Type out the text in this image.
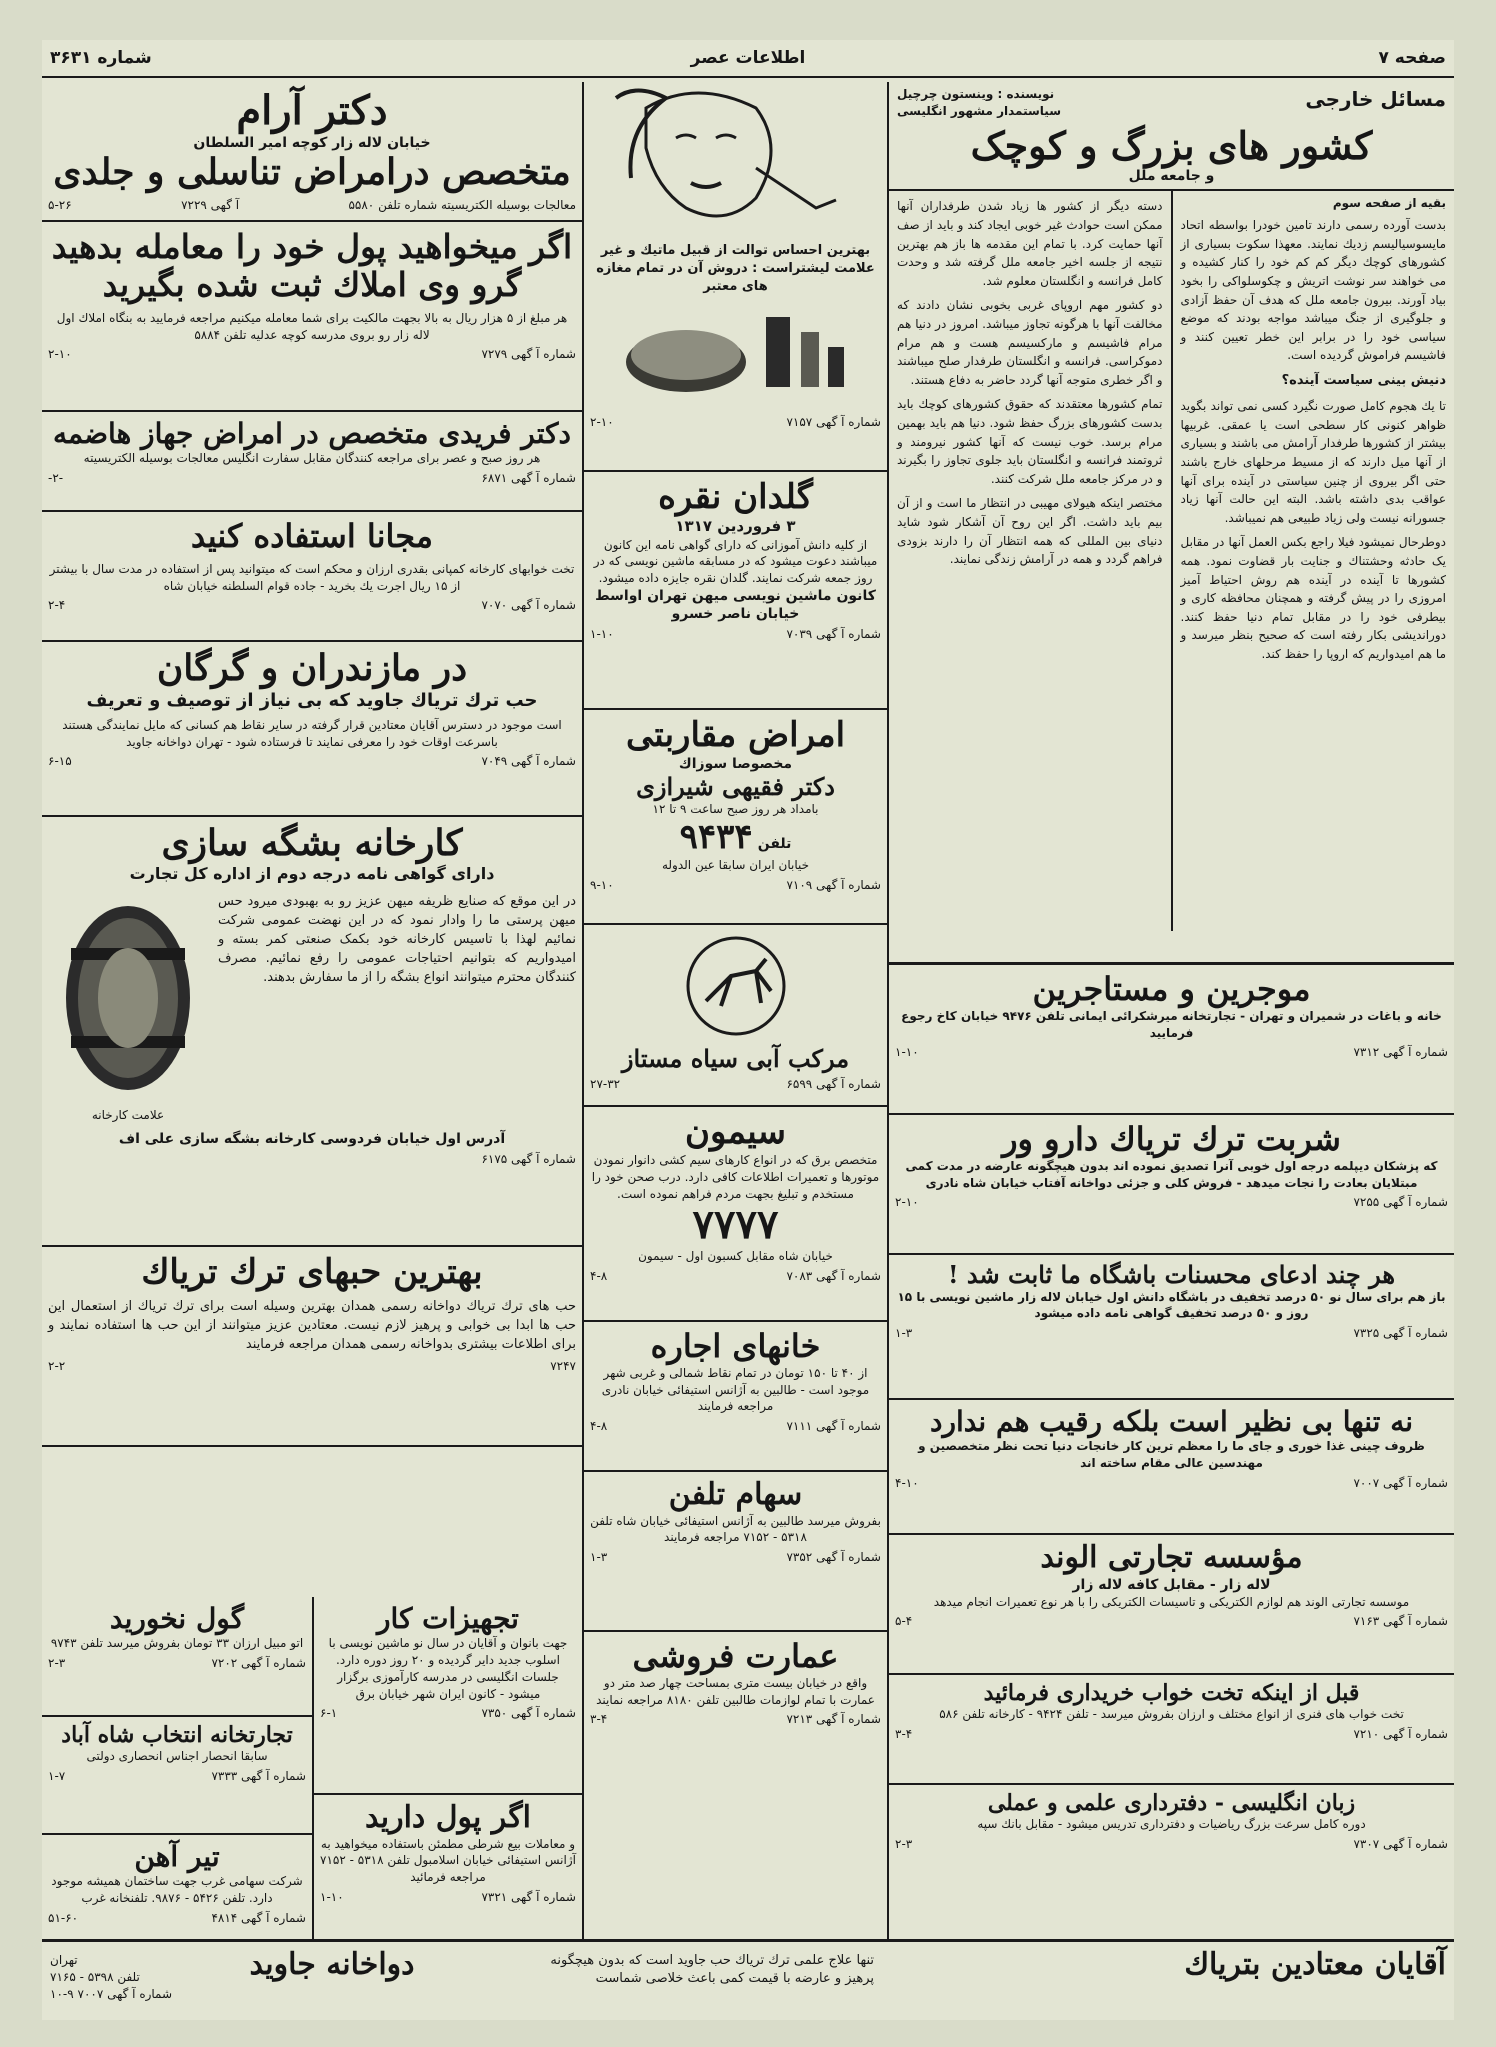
صفحه ۷
اطلاعات عصر
شماره ۳۶۳۱
دکتر آرام
خیابان لاله زار کوچه امیر السلطان
متخصص درامراض تناسلی و جلدی
معالجات بوسیله الکتریسیته شماره تلفن ۵۵۸۰
آ گهی ۷۲۲۹
۵-۲۶
اگر میخواهید پول خود را معامله بدهید گرو وی املاك ثبت شده بگیرید
هر مبلغ از ۵ هزار ریال به بالا بجهت مالکیت برای شما معامله میکنیم مراجعه فرمایید به بنگاه املاك اول لاله زار رو بروی مدرسه کوچه عدلیه تلفن ۵۸۸۴
شماره آ گهی ۷۲۷۹
۲-۱۰
دکتر فریدی متخصص در امراض جهاز هاضمه
هر روز صبح و عصر برای مراجعه کنندگان مقابل سفارت انگلیس معالجات بوسیله الکتریسیته
شماره آ گهی ۶۸۷۱
-۲-
مجانا استفاده کنید
تخت خوابهای کارخانه کمپانی بقدری ارزان و محکم است که میتوانید پس از استفاده در مدت سال با بیشتر از ۱۵ ریال اجرت یك بخرید - جاده قوام السلطنه خیابان شاه
شماره آ گهی ۷۰۷۰
۲-۴
در مازندران و گرگان
حب ترك تریاك جاوید که بی نیاز از توصیف و تعریف
است موجود در دسترس آقایان معتادین قرار گرفته در سایر نقاط هم کسانی که مایل نمایندگی هستند باسرعت اوقات خود را معرفی نمایند تا فرستاده شود - تهران دواخانه جاوید
شماره آ گهی ۷۰۴۹
۶-۱۵
کارخانه بشگه سازی
دارای گواهی نامه درجه دوم از اداره کل تجارت
در این موقع که صنایع ظریفه میهن عزیز رو به بهبودی میرود حس میهن پرستی ما را وادار نمود که در این نهضت عمومی شرکت نمائیم لهذا با تاسیس کارخانه خود بکمک صنعتی کمر بسته و امیدواریم که بتوانیم احتیاجات عمومی را رفع نمائیم. مصرف کنندگان محترم میتوانند انواع بشگه را از ما سفارش بدهند.
علامت کارخانه
آدرس اول خیابان فردوسی کارخانه بشگه سازی علی اف
شماره آ گهی ۶۱۷۵
بهترین حبهای ترك تریاك
حب های ترك تریاك دواخانه رسمی همدان بهترین وسیله است برای ترك تریاك از استعمال این حب ها ابدا بی خوابی و پرهیز لازم نیست. معتادین عزیز میتوانند از این حب ها استفاده نمایند و برای اطلاعات بیشتری بدواخانه رسمی همدان مراجعه فرمایند
۷۲۴۷
۲-۲
تجهیزات کار
جهت بانوان و آقایان در سال نو ماشین نویسی با اسلوب جدید داير گردیده و ۲۰ روز دوره دارد. جلسات انگلیسی در مدرسه کارآموزی برگزار میشود - کانون ایران شهر خیابان برق
شماره آ گهی ۷۳۵۰
۶-۱
اگر پول دارید
و معاملات بیع شرطی مطمئن باستفاده میخواهید به آژانس استیفائی خیابان اسلامبول تلفن ۵۳۱۸ - ۷۱۵۲ مراجعه فرمائید
شماره آ گهی ۷۳۲۱
۱-۱۰
گول نخورید
اتو مبیل ارزان ۳۳ تومان بفروش میرسد تلفن ۹۷۴۳
شماره آ گهی ۷۲۰۲
۲-۳
تجارتخانه انتخاب شاه آباد
سابقا انحصار اجناس انحصاری دولتی
شماره آ گهی ۷۳۳۳
۱-۷
تیر آهن
شرکت سهامی غرب جهت ساختمان همیشه موجود دارد. تلفن ۵۴۲۶ - ۹۸۷۶. تلفنخانه غرب
شماره آ گهی ۴۸۱۴
۵۱-۶۰
بهترین احساس توالت از قبیل ماتیك و غیر علامت لیشتراست : دروش آن در تمام مغازه های معتبر
شماره آ گهی ۷۱۵۷
۲-۱۰
گلدان نقره
۳ فروردین ۱۳۱۷
از کلیه دانش آموزانی که دارای گواهی نامه این کانون میباشند دعوت میشود که در مسابقه ماشین نویسی که در روز جمعه شرکت نمایند. گلدان نقره جایزه داده میشود.
کانون ماشین نویسی میهن تهران اواسط خیابان ناصر خسرو
شماره آ گهی ۷۰۳۹
۱-۱۰
امراض مقاربتی
مخصوصا سوزاك
دکتر فقیهی شیرازی
بامداد هر روز صبح ساعت ۹ تا ۱۲
تلفن ۹۴۳۴
خیابان ایران سابقا عین الدوله
شماره آ گهی ۷۱۰۹
۹-۱۰
مرکب آبی سیاه مستاز
شماره آ گهی ۶۵۹۹
۲۷-۳۲
سیمون
متخصص برق که در انواع کارهای سیم کشی دانوار نمودن موتورها و تعمیرات اطلاعات کافی دارد. درب صحن خود را مستخدم و تبلیغ بجهت مردم فراهم نموده است.
۷۷۷۷
خیابان شاه مقابل کسبون اول - سیمون
شماره آ گهی ۷۰۸۳
۴-۸
خانهای اجاره
از ۴۰ تا ۱۵۰ تومان در تمام نقاط شمالی و غربی شهر موجود است - طالبین به آژانس استیفائی خیابان نادری مراجعه فرمایند
شماره آ گهی ۷۱۱۱
۴-۸
سهام تلفن
بفروش میرسد طالبین به آژانس استیفائی خیابان شاه تلفن ۵۳۱۸ - ۷۱۵۲ مراجعه فرمایند
شماره آ گهی ۷۳۵۲
۱-۳
عمارت فروشی
واقع در خیابان بیست متری بمساحت چهار صد متر دو عمارت با تمام لوازمات طالبین تلفن ۸۱۸۰ مراجعه نمایند
شماره آ گهی ۷۲۱۳
۳-۴
مسائل خارجی
نویسنده : وینستون چرچیل
سیاستمدار مشهور انگلیسی
کشور های بزرگ و کوچک
و جامعه ملل
بقیه از صفحه سوم
بدست آورده رسمی دارند تامین خودرا بواسطه اتحاد مایسوسیالیسم زدیك نمایند. معهذا سکوت بسیاری از کشورهای کوچك دیگر کم کم خود را کنار کشیده و می خواهند سر نوشت اتریش و چکوسلواکی را بخود بیاد آورند. بیرون جامعه ملل که هدف آن حفظ آزادی و جلوگیری از جنگ میباشد مواجه بودند که موضع سیاسی خود را در برابر این خطر تعیین کنند و فاشیسم فراموش گردیده است.
دنیش بینی سیاست آینده؟
تا یك هجوم کامل صورت نگیرد کسی نمی تواند بگوید ظواهر کنونی کار سطحی است یا عمقی. غربیها بیشتر از کشورها طرفدار آرامش می باشند و بسیاری از آنها میل دارند که از مسیط مرحلهای خارج باشند حتی اگر بیروی از چنین سیاستی در آینده برای آنها عواقب بدی داشته باشد. البته این حالت آنها زیاد جسورانه نیست ولی زیاد طبیعی هم نمیباشد.
دوطرحال نمیشود فیلا راجع بکس العمل آنها در مقابل یک حادثه وحشتناك و جنایت بار قضاوت نمود. همه کشورها تا آینده در آینده هم روش احتیاط آمیز امروزی را در پیش گرفته و همچنان محافظه کاری و بیطرفی خود را در مقابل تمام دنیا حفظ کنند. دوراندیشی بکار رفته است که صحیح بنظر میرسد و ما هم امیدواریم که اروپا را حفظ کند.
دسته دیگر از کشور ها زیاد شدن طرفداران آنها ممکن است حوادث غیر خوبی ایجاد کند و باید از صف آنها حمایت کرد. با تمام این مقدمه ها باز هم بهترین نتیجه از جلسه اخیر جامعه ملل گرفته شد و وحدت کامل فرانسه و انگلستان معلوم شد.
دو کشور مهم اروپای غربی بخوبی نشان دادند که مخالفت آنها با هرگونه تجاوز میباشد. امروز در دنیا هم مرام فاشیسم و مارکسیسم هست و هم مرام دموکراسی. فرانسه و انگلستان طرفدار صلح میباشند و اگر خطری متوجه آنها گردد حاضر به دفاع هستند.
تمام کشورها معتقدند که حقوق کشورهای کوچك باید بدست کشورهای بزرگ حفظ شود. دنیا هم باید بهمین مرام برسد. خوب نیست که آنها کشور نیرومند و ثروتمند فرانسه و انگلستان باید جلوی تجاوز را بگیرند و در مرکز جامعه ملل شرکت کنند.
مختصر اینکه هیولای مهیبی در انتظار ما است و از آن بیم باید داشت. اگر این روح آن آشکار شود شاید دنیای بین المللی که همه انتظار آن را دارند بزودی فراهم گردد و همه در آرامش زندگی نمایند.
موجرین و مستاجرین
خانه و باغات در شمیران و تهران - تجارتخانه میرشکرائی ایمانی تلفن ۹۴۷۶ خیابان کاخ رجوع فرمایید
شماره آ گهی ۷۳۱۲
۱-۱۰
شربت ترك تریاك دارو ور
که پزشکان دیپلمه درجه اول خوبی آنرا تصدیق نموده اند بدون هیچگونه عارضه در مدت کمی مبتلایان بعادت را نجات میدهد - فروش کلی و جزئی دواخانه آفتاب خیابان شاه نادری
شماره آ گهی ۷۲۵۵
۲-۱۰
هر چند ادعای محسنات باشگاه ما ثابت شد !
باز هم برای سال نو ۵۰ درصد تخفیف در باشگاه دانش اول خیابان لاله زار ماشین نویسی با ۱۵ روز و ۵۰ درصد تخفیف گواهی نامه داده میشود
شماره آ گهی ۷۳۲۵
۱-۳
نه تنها بی نظیر است بلکه رقیب هم ندارد
ظروف چینی غذا خوری و جای ما را معظم ترین کار خانجات دنیا تحت نظر متخصصین و مهندسین عالی مقام ساخته اند
شماره آ گهی ۷۰۰۷
۴-۱۰
مؤسسه تجارتی الوند
لاله زار - مقابل کافه لاله زار
موسسه تجارتی الوند هم لوازم الکتریکی و تاسیسات الکتریکی را با هر نوع تعمیرات انجام میدهد
شماره آ گهی ۷۱۶۳
۵-۴
قبل از اینکه تخت خواب خریداری فرمائید
تخت خواب های فنری از انواع مختلف و ارزان بفروش میرسد - تلفن ۹۴۲۴ - کارخانه تلفن ۵۸۶
شماره آ گهی ۷۲۱۰
۳-۴
زبان انگلیسی - دفترداری علمی و عملی
دوره کامل سرعت بزرگ ریاضیات و دفترداری تدریس میشود - مقابل بانك سپه
شماره آ گهی ۷۳۰۷
۲-۳
آقایان معتادین بتریاك
تنها علاج علمی ترك تریاك حب جاوید است که بدون هیچگونه پرهیز و عارضه با قیمت کمی باعث خلاصی شماست
دواخانه جاوید
تهران
تلفن ۵۳۹۸ - ۷۱۶۵
شماره آ گهی ۷۰۰۷ ۹-۱۰
